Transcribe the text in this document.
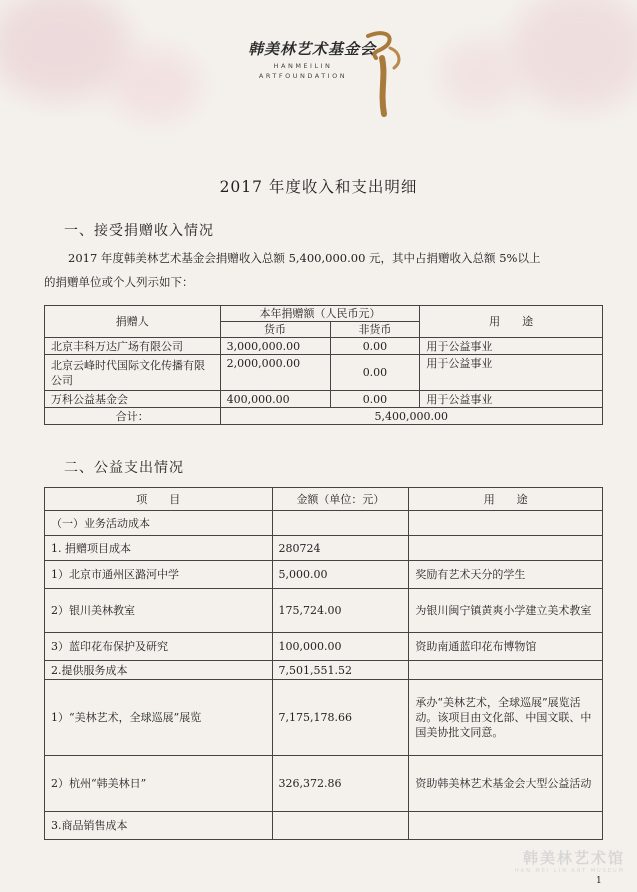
韩美林艺术基金会
HANMEILIN
ARTFOUNDATION
2017 年度收入和支出明细
一、接受捐赠收入情况
2017 年度韩美林艺术基金会捐赠收入总额 5,400,000.00 元，其中占捐赠收入总额 5%以上
的捐赠单位或个人列示如下：
捐赠人	本年捐赠额（人民币元）		用　　途
	货币	非货币	
北京丰科万达广场有限公司	3,000,000.00	0.00	用于公益事业
北京云峰时代国际文化传播有限公司	2,000,000.00	0.00	用于公益事业
万科公益基金会	400,000.00	0.00	用于公益事业
合计：	5,400,000.00		
二、公益支出情况
项　　目	金额（单位：元）	用　　途
（一）业务活动成本		
1. 捐赠项目成本	280724	
1）北京市通州区潞河中学	5,000.00	奖励有艺术天分的学生
2）银川美林教室	175,724.00	为银川闽宁镇黄爽小学建立美术教室
3）蓝印花布保护及研究	100,000.00	资助南通蓝印花布博物馆
2.提供服务成本	7,501,551.52	
1）“美林艺术，全球巡展”展览	7,175,178.66	承办“美林艺术，全球巡展”展览活动。该项目由文化部、中国文联、中国美协批文同意。
2）杭州“韩美林日”	326,372.86	资助韩美林艺术基金会大型公益活动
3.商品销售成本		
韩美林艺术馆
HAN MEI LIN ART MUSEUM
1
